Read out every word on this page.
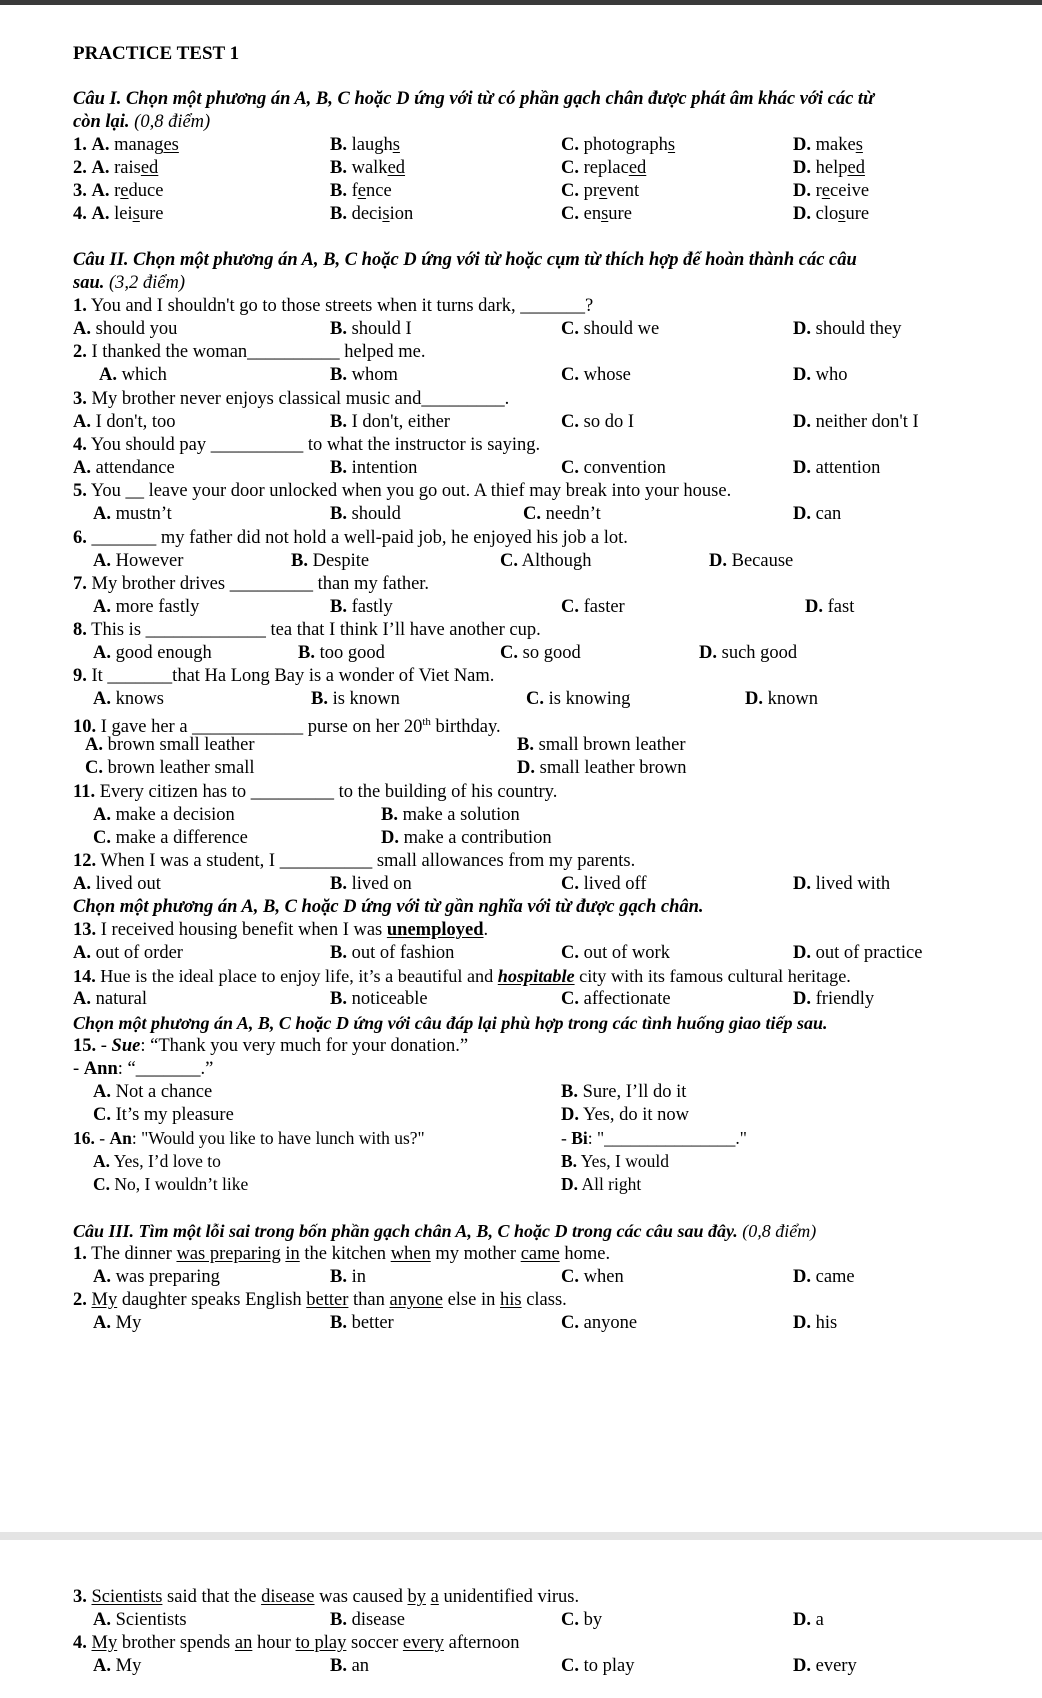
PRACTICE TEST 1
Câu I. Chọn một phương án A, B, C hoặc D ứng với từ có phần gạch chân được phát âm khác với các từ
còn lại. (0,8 điểm)
1. A. manages	B. laughs	C. photographs	D. makes
2. A. raised	B. walked	C. replaced	D. helped
3. A. reduce	B. fence	C. prevent	D. receive
4. A. leisure	B. decision	C. ensure	D. closure
Câu II. Chọn một phương án A, B, C hoặc D ứng với từ hoặc cụm từ thích hợp để hoàn thành các câu
sau. (3,2 điểm)
1. You and I shouldn't go to those streets when it turns dark, _______?
A. should you	B. should I	C. should we	D. should they
2. I thanked the woman__________ helped me.
A. which	B. whom	C. whose	D. who
3. My brother never enjoys classical music and_________.
A. I don't, too	B. I don't, either	C. so do I	D. neither don't I
4. You should pay __________ to what the instructor is saying.
A. attendance	B. intention	C. convention	D. attention
5. You __ leave your door unlocked when you go out. A thief may break into your house.
A. mustn’t	B. should	C. needn’t	D. can
6. _______ my father did not hold a well-paid job, he enjoyed his job a lot.
A. However	B. Despite	C. Although	D. Because
7. My brother drives _________ than my father.
A. more fastly	B. fastly	C. faster	D. fast
8. This is _____________ tea that I think I’ll have another cup.
A. good enough	B. too good	C. so good	D. such good
9. It _______that Ha Long Bay is a wonder of Viet Nam.
A. knows	B. is known	C. is knowing	D. known
10. I gave her a ____________ purse on her 20th birthday.
A. brown small leather	B. small brown leather
C. brown leather small	D. small leather brown
11. Every citizen has to _________ to the building of his country.
A. make a decision	B. make a solution
C. make a difference	D. make a contribution
12. When I was a student, I __________ small allowances from my parents.
A. lived out	B. lived on	C. lived off	D. lived with
Chọn một phương án A, B, C hoặc D ứng với từ gần nghĩa với từ được gạch chân.
13. I received housing benefit when I was unemployed.
A. out of order	B. out of fashion	C. out of work	D. out of practice
14. Hue is the ideal place to enjoy life, it’s a beautiful and hospitable city with its famous cultural heritage.
A. natural	B. noticeable	C. affectionate	D. friendly
Chọn một phương án A, B, C hoặc D ứng với câu đáp lại phù hợp trong các tình huống giao tiếp sau.
15. - Sue: “Thank you very much for your donation.”
- Ann: “_______.”
A. Not a chance	B. Sure, I’ll do it
C. It’s my pleasure	D. Yes, do it now
16. - An: "Would you like to have lunch with us?"	- Bi: "_______________."
A. Yes, I’d love to	B. Yes, I would
C. No, I wouldn’t like	D. All right
Câu III. Tìm một lỗi sai trong bốn phần gạch chân A, B, C hoặc D trong các câu sau đây. (0,8 điểm)
1. The dinner was preparing in the kitchen when my mother came home.
A. was preparing	B. in	C. when	D. came
2. My daughter speaks English better than anyone else in his class.
A. My	B. better	C. anyone	D. his
3. Scientists said that the disease was caused by a unidentified virus.
A. Scientists	B. disease	C. by	D. a
4. My brother spends an hour to play soccer every afternoon
A. My	B. an	C. to play	D. every
